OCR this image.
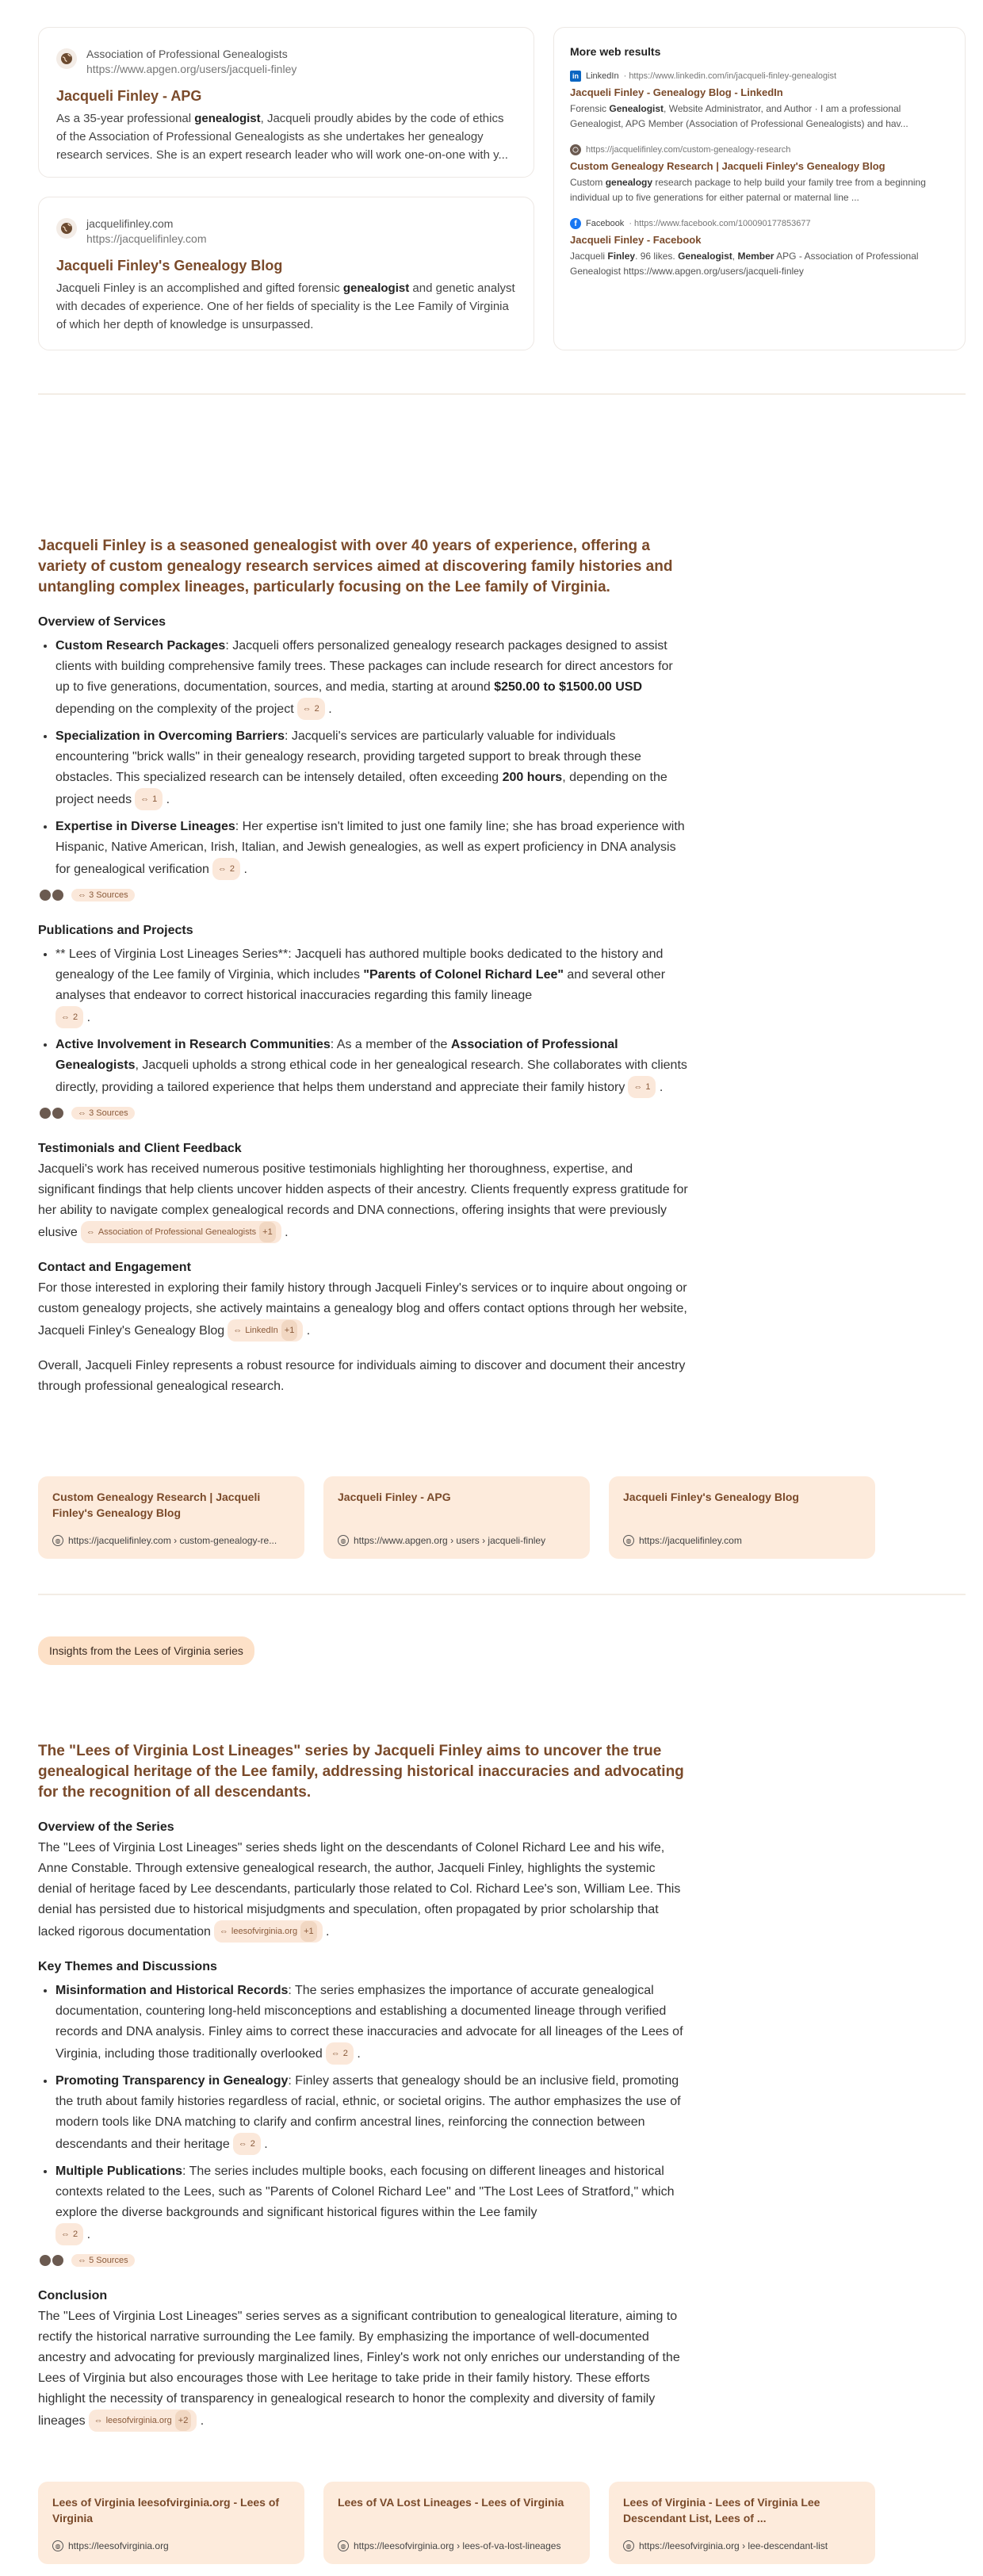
Association of Professional Genealogists
https://www.apgen.org/users/jacqueli-finley
Jacqueli Finley - APG
As a 35-year professional genealogist, Jacqueli proudly abides by the code of ethics of the Association of Professional Genealogists as she undertakes her genealogy research services. She is an expert research leader who will work one-on-one with y...
jacquelifinley.com
https://jacquelifinley.com
Jacqueli Finley's Genealogy Blog
Jacqueli Finley is an accomplished and gifted forensic genealogist and genetic analyst with decades of experience. One of her fields of speciality is the Lee Family of Virginia of which her depth of knowledge is unsurpassed.
More web results
in LinkedIn · https://www.linkedin.com/in/jacqueli-finley-genealogist
Jacqueli Finley - Genealogy Blog - LinkedIn
Forensic Genealogist, Website Administrator, and Author · I am a professional Genealogist, APG Member (Association of Professional Genealogists) and hav...
https://jacquelifinley.com/custom-genealogy-research
Custom Genealogy Research | Jacqueli Finley's Genealogy Blog
Custom genealogy research package to help build your family tree from a beginning individual up to five generations for either paternal or maternal line ...
f	Facebook · https://www.facebook.com/100090177853677
Jacqueli Finley - Facebook
Jacqueli Finley. 96 likes. Genealogist, Member APG - Association of Professional Genealogist https://www.apgen.org/users/jacqueli-finley
Jacqueli Finley is a seasoned genealogist with over 40 years of experience, offering a variety of custom genealogy research services aimed at discovering family histories and untangling complex lineages, particularly focusing on the Lee family of Virginia.
Overview of Services
• Custom Research Packages: Jacqueli offers personalized genealogy research packages designed to assist clients with building comprehensive family trees. These packages can include research for direct ancestors for up to five generations, documentation, sources, and media, starting at around $250.00 to $1500.00 USD depending on the complexity of the project ⇔ 2 .
• Specialization in Overcoming Barriers: Jacqueli's services are particularly valuable for individuals encountering "brick walls" in their genealogy research, providing targeted support to break through these obstacles. This specialized research can be intensely detailed, often exceeding 200 hours, depending on the project needs ⇔ 1 .
• Expertise in Diverse Lineages: Her expertise isn't limited to just one family line; she has broad experience with Hispanic, Native American, Irish, Italian, and Jewish genealogies, as well as expert proficiency in DNA analysis for genealogical verification ⇔ 2 .
⇔ 3 Sources
Publications and Projects
• ** Lees of Virginia Lost Lineages Series**: Jacqueli has authored multiple books dedicated to the history and genealogy of the Lee family of Virginia, which includes "Parents of Colonel Richard Lee" and several other analyses that endeavor to correct historical inaccuracies regarding this family lineage

⇔ 2 .
• Active Involvement in Research Communities: As a member of the Association of Professional Genealogists, Jacqueli upholds a strong ethical code in her genealogical research. She collaborates with clients directly, providing a tailored experience that helps them understand and appreciate their family history ⇔ 1 .
⇔ 3 Sources
Testimonials and Client Feedback
Jacqueli's work has received numerous positive testimonials highlighting her thoroughness, expertise, and significant findings that help clients uncover hidden aspects of their ancestry. Clients frequently express gratitude for her ability to navigate complex genealogical records and DNA connections, offering insights that were previously elusive ⇔ Association of Professional Genealogists +1 .
Contact and Engagement
For those interested in exploring their family history through Jacqueli Finley's services or to inquire about ongoing or custom genealogy projects, she actively maintains a genealogy blog and offers contact options through her website, Jacqueli Finley's Genealogy Blog ⇔ LinkedIn +1 .
Overall, Jacqueli Finley represents a robust resource for individuals aiming to discover and document their ancestry through professional genealogical research.
Custom Genealogy Research | Jacqueli Finley's Genealogy Blog
◍ https://jacquelifinley.com › custom-genealogy-re...
Jacqueli Finley - APG
◍ https://www.apgen.org › users › jacqueli-finley
Jacqueli Finley's Genealogy Blog
◍ https://jacquelifinley.com
Insights from the Lees of Virginia series
The "Lees of Virginia Lost Lineages" series by Jacqueli Finley aims to uncover the true genealogical heritage of the Lee family, addressing historical inaccuracies and advocating for the recognition of all descendants.
Overview of the Series
The "Lees of Virginia Lost Lineages" series sheds light on the descendants of Colonel Richard Lee and his wife, Anne Constable. Through extensive genealogical research, the author, Jacqueli Finley, highlights the systemic denial of heritage faced by Lee descendants, particularly those related to Col. Richard Lee's son, William Lee. This denial has persisted due to historical misjudgments and speculation, often propagated by prior scholarship that lacked rigorous documentation ⇔ leesofvirginia.org +1 .
Key Themes and Discussions
• Misinformation and Historical Records: The series emphasizes the importance of accurate genealogical documentation, countering long-held misconceptions and establishing a documented lineage through verified records and DNA analysis. Finley aims to correct these inaccuracies and advocate for all lineages of the Lees of Virginia, including those traditionally overlooked ⇔ 2 .
• Promoting Transparency in Genealogy: Finley asserts that genealogy should be an inclusive field, promoting the truth about family histories regardless of racial, ethnic, or societal origins. The author emphasizes the use of modern tools like DNA matching to clarify and confirm ancestral lines, reinforcing the connection between descendants and their heritage ⇔ 2 .
• Multiple Publications: The series includes multiple books, each focusing on different lineages and historical contexts related to the Lees, such as "Parents of Colonel Richard Lee" and "The Lost Lees of Stratford," which explore the diverse backgrounds and significant historical figures within the Lee family

⇔ 2 .
⇔ 5 Sources
Conclusion
The "Lees of Virginia Lost Lineages" series serves as a significant contribution to genealogical literature, aiming to rectify the historical narrative surrounding the Lee family. By emphasizing the importance of well-documented ancestry and advocating for previously marginalized lines, Finley's work not only enriches our understanding of the Lees of Virginia but also encourages those with Lee heritage to take pride in their family history. These efforts highlight the necessity of transparency in genealogical research to honor the complexity and diversity of family lineages ⇔ leesofvirginia.org +2 .
Lees of Virginia leesofvirginia.org - Lees of Virginia
◍ https://leesofvirginia.org
Lees of VA Lost Lineages - Lees of Virginia
◍ https://leesofvirginia.org › lees-of-va-lost-lineages
Lees of Virginia - Lees of Virginia Lee Descendant List, Lees of ...
◍ https://leesofvirginia.org › lee-descendant-list
